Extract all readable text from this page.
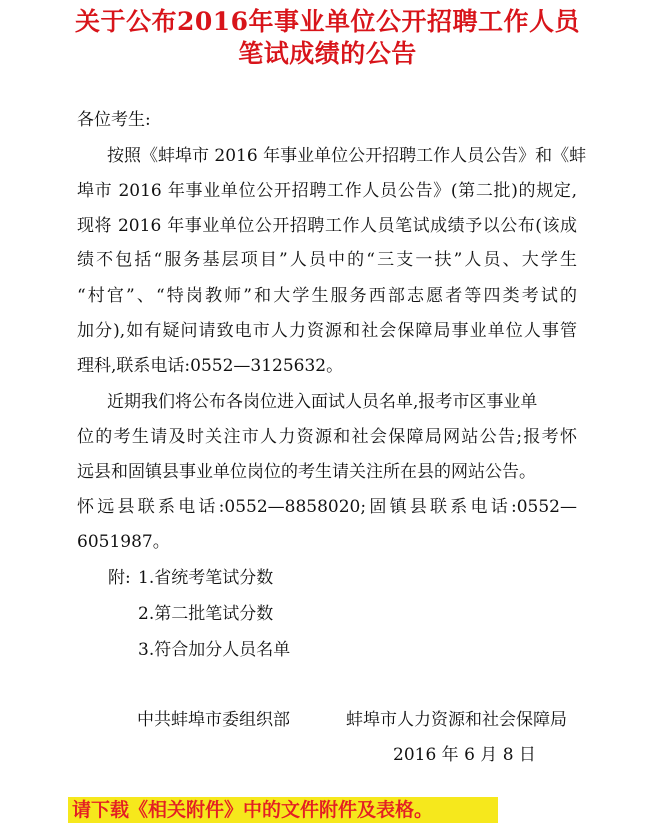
关于公布2016年事业单位公开招聘工作人员
笔试成绩的公告
各位考生:
按照《蚌埠市 2016 年事业单位公开招聘工作人员公告》和《蚌
埠市 2016 年事业单位公开招聘工作人员公告》(第二批)的规定,
现将 2016 年事业单位公开招聘工作人员笔试成绩予以公布(该成
绩不包括“服务基层项目”人员中的“三支一扶”人员、大学生
“村官”、“特岗教师”和大学生服务西部志愿者等四类考试的
加分),如有疑问请致电市人力资源和社会保障局事业单位人事管
理科,联系电话:0552—3125632。
近期我们将公布各岗位进入面试人员名单,报考市区事业单
位的考生请及时关注市人力资源和社会保障局网站公告;报考怀
远县和固镇县事业单位岗位的考生请关注所在县的网站公告。
怀远县联系电话:0552—8858020;固镇县联系电话:0552—
6051987。
附: 1.省统考笔试分数
2.第二批笔试分数
3.符合加分人员名单
中共蚌埠市委组织部	蚌埠市人力资源和社会保障局
2016 年 6 月 8 日
请下载《相关附件》中的文件附件及表格。
